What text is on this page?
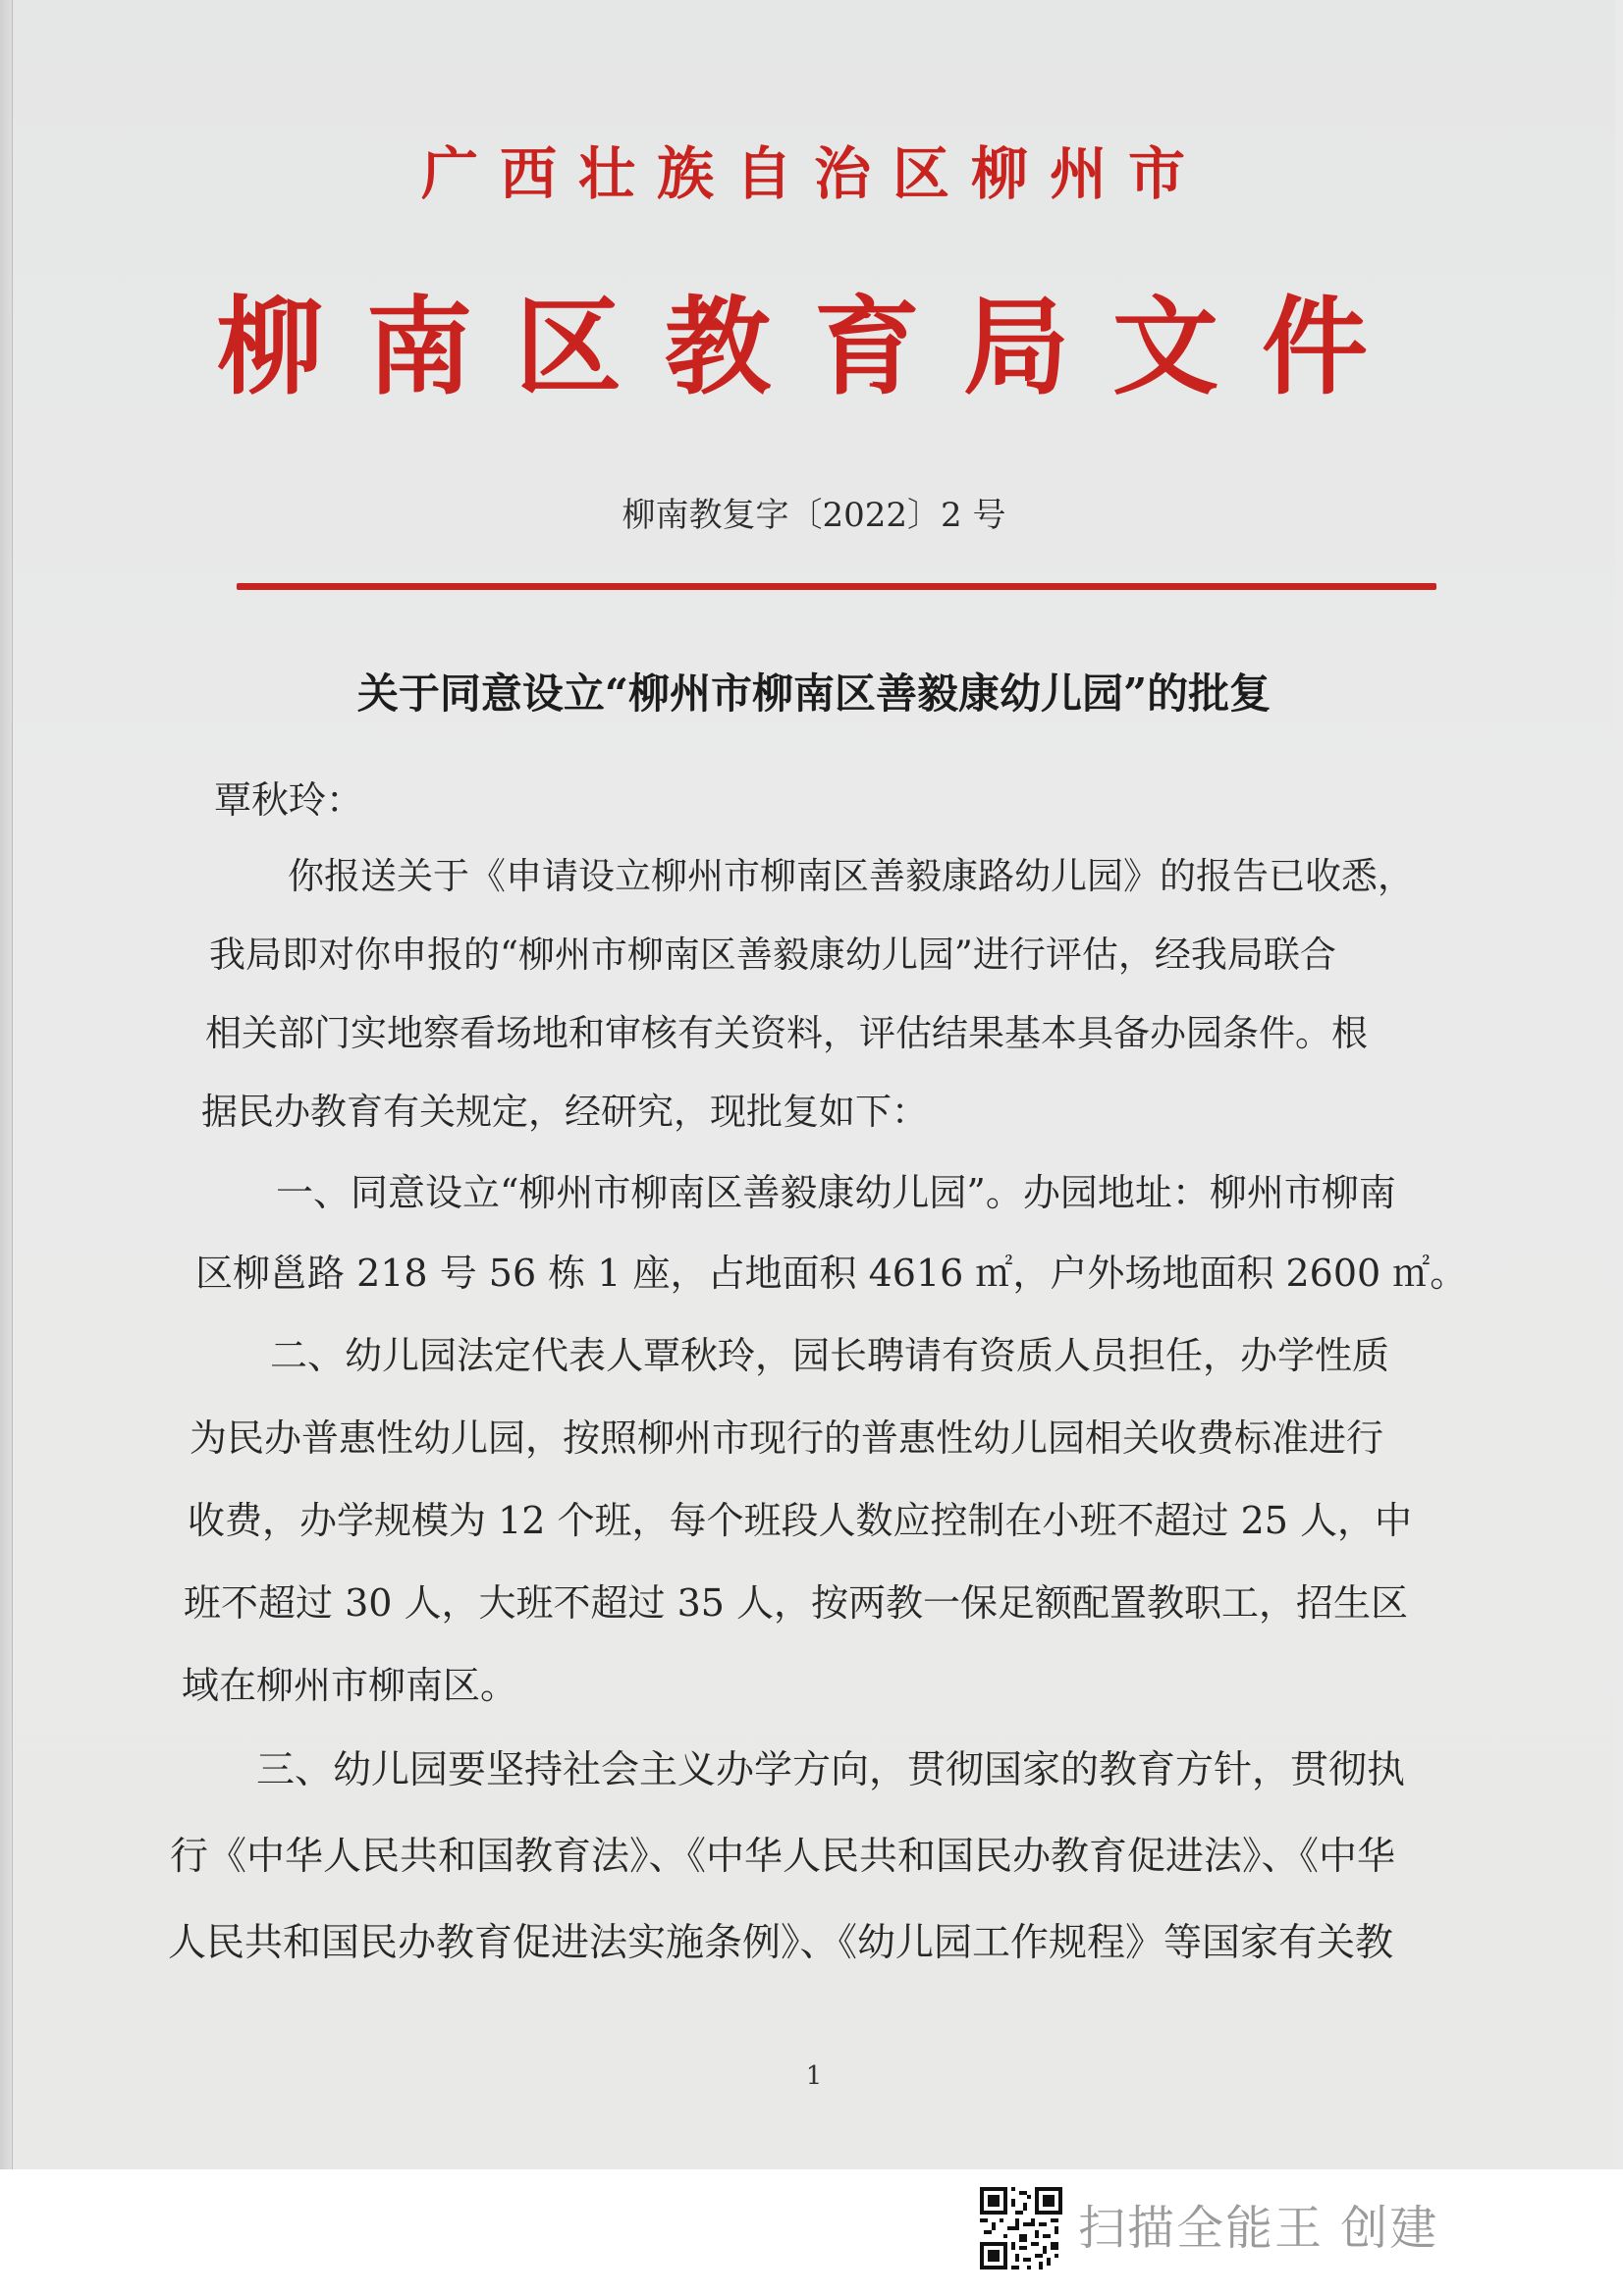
广西壮族自治区柳州市
柳南区教育局文件
柳南教复字〔2022〕2 号
关于同意设立“柳州市柳南区善毅康幼儿园”的批复
覃秋玲：
你报送关于《申请设立柳州市柳南区善毅康路幼儿园》的报告已收悉，
我局即对你申报的“柳州市柳南区善毅康幼儿园”进行评估，经我局联合
相关部门实地察看场地和审核有关资料，评估结果基本具备办园条件。根
据民办教育有关规定，经研究，现批复如下：
一、同意设立“柳州市柳南区善毅康幼儿园”。办园地址：柳州市柳南
区柳邕路 218 号 56 栋 1 座，占地面积 4616 ㎡，户外场地面积 2600 ㎡。
二、幼儿园法定代表人覃秋玲，园长聘请有资质人员担任，办学性质
为民办普惠性幼儿园，按照柳州市现行的普惠性幼儿园相关收费标准进行
收费，办学规模为 12 个班，每个班段人数应控制在小班不超过 25 人，中
班不超过 30 人，大班不超过 35 人，按两教一保足额配置教职工，招生区
域在柳州市柳南区。
三、幼儿园要坚持社会主义办学方向，贯彻国家的教育方针，贯彻执
行《中华人民共和国教育法》、《中华人民共和国民办教育促进法》、《中华
人民共和国民办教育促进法实施条例》、《幼儿园工作规程》等国家有关教
1
扫描全能王 创建
